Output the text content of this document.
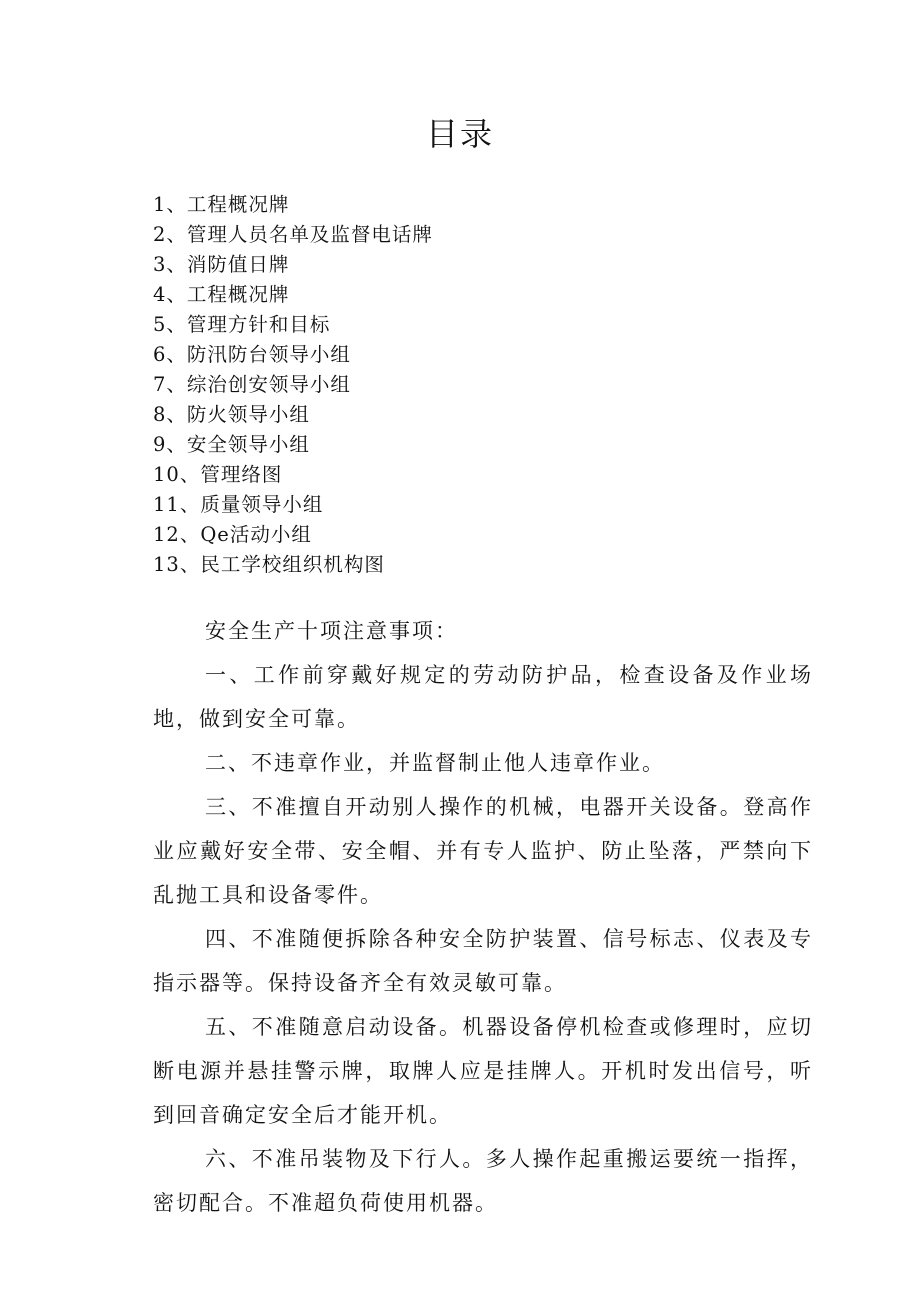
目录
1、工程概况牌
2、管理人员名单及监督电话牌
3、消防值日牌
4、工程概况牌
5、管理方针和目标
6、防汛防台领导小组
7、综治创安领导小组
8、防火领导小组
9、安全领导小组
10、管理络图
11、质量领导小组
12、Qe活动小组
13、民工学校组织机构图

安全生产十项注意事项：

一、工作前穿戴好规定的劳动防护品，检查设备及作业场地，做到安全可靠。

二、不违章作业，并监督制止他人违章作业。

三、不准擅自开动别人操作的机械，电器开关设备。登高作业应戴好安全带、安全帽、并有专人监护、防止坠落，严禁向下乱抛工具和设备零件。

四、不准随便拆除各种安全防护装置、信号标志、仪表及专指示器等。保持设备齐全有效灵敏可靠。

五、不准随意启动设备。机器设备停机检查或修理时，应切断电源并悬挂警示牌，取牌人应是挂牌人。开机时发出信号，听到回音确定安全后才能开机。

六、不准吊装物及下行人。多人操作起重搬运要统一指挥，密切配合。不准超负荷使用机器。
